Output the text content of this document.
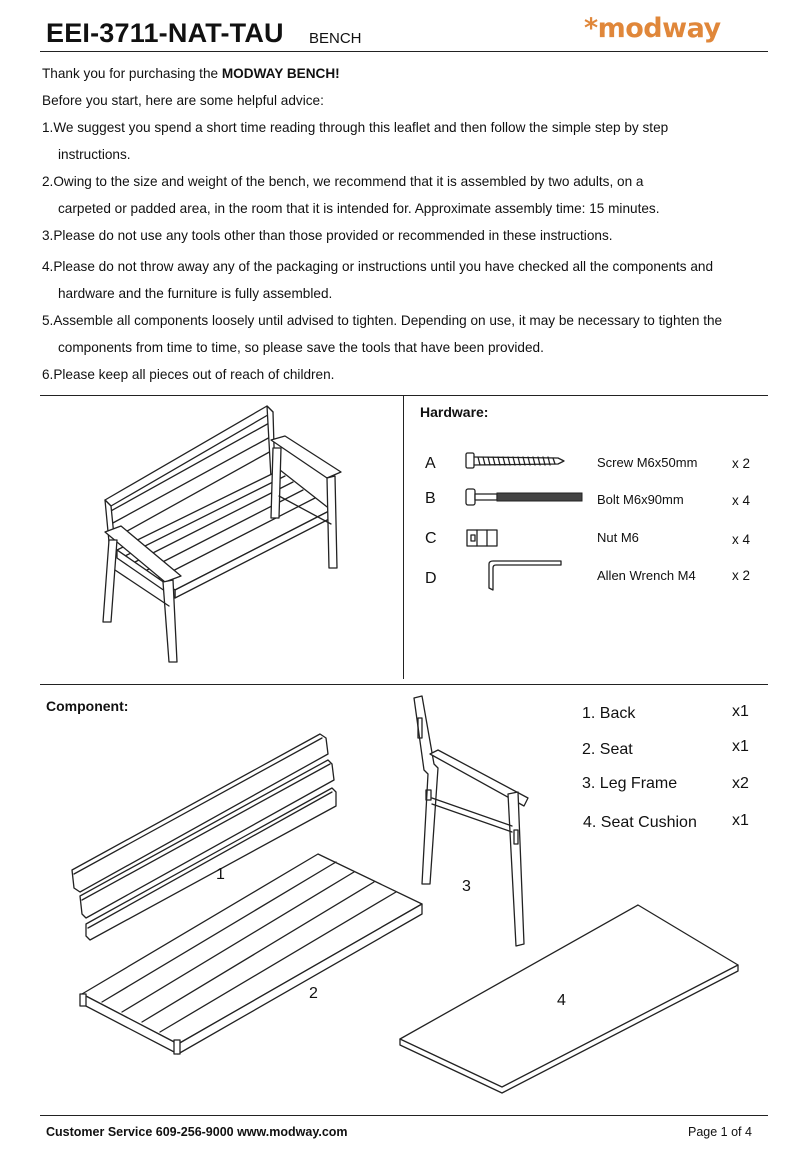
EEI-3711-NAT-TAU BENCH	*modway

Thank you for purchasing the MODWAY BENCH!

Before you start, here are some helpful advice:

1.We suggest you spend a short time reading through this leaflet and then follow the simple step by step

instructions.

2.Owing to the size and weight of the bench, we recommend that it is assembled by two adults, on a

carpeted or padded area, in the room that it is intended for. Approximate assembly time: 15 minutes.

3.Please do not use any tools other than those provided or recommended in these instructions.

4.Please do not throw away any of the packaging or instructions until you have checked all the components and

hardware and the furniture is fully assembled.

5.Assemble all components loosely until advised to tighten. Depending on use, it may be necessary to tighten the

components from time to time, so please save the tools that have been provided.

6.Please keep all pieces out of reach of children.

Hardware:
A	Screw M6x50mm	x 2
B	Bolt M6x90mm	x 4
C	Nut M6	x 4
D	Allen Wrench M4	x 2
Component:	1. Back	x1
2. Seat	x1
3. Leg Frame	x2
4. Seat Cushion x1
1
2
3
4
Customer Service 609-256-9000 www.modway.com	Page 1 of 4
